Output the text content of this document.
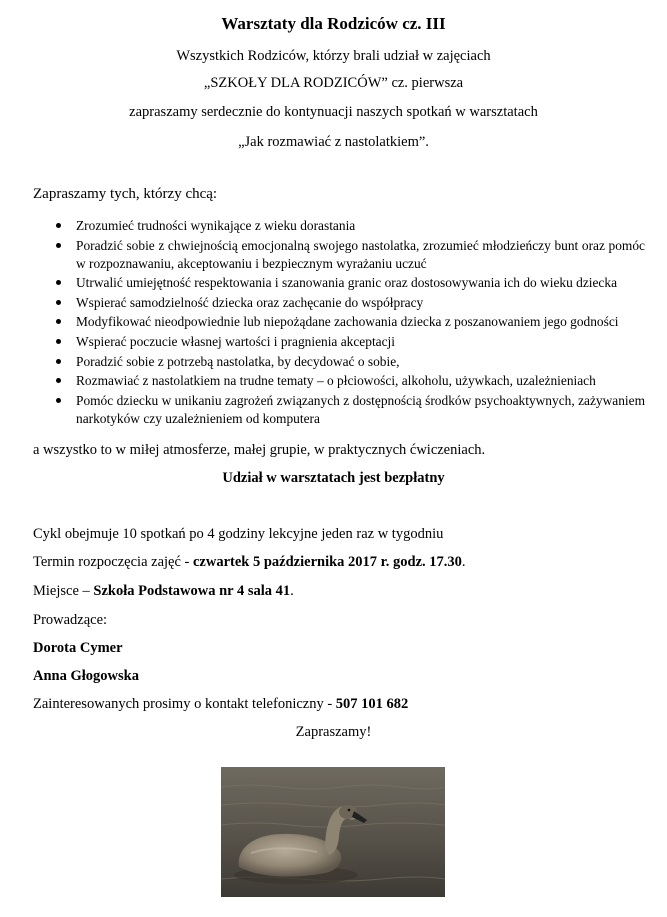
Warsztaty dla Rodziców cz. III
Wszystkich Rodziców, którzy brali udział w zajęciach
„SZKOŁY DLA RODZICÓW” cz. pierwsza
zapraszamy serdecznie do kontynuacji naszych spotkań w warsztatach
„Jak rozmawiać z nastolatkiem”.
Zapraszamy tych, którzy chcą:
Zrozumieć trudności wynikające z wieku dorastania
Poradzić sobie z chwiejnością emocjonalną swojego nastolatka, zrozumieć młodzieńczy bunt oraz pomóc w rozpoznawaniu, akceptowaniu i bezpiecznym wyrażaniu uczuć
Utrwalić umiejętność respektowania i szanowania granic oraz dostosowywania ich do wieku dziecka
Wspierać samodzielność dziecka oraz zachęcanie do współpracy
Modyfikować nieodpowiednie lub niepożądane zachowania dziecka z poszanowaniem jego godności
Wspierać poczucie własnej wartości i pragnienia akceptacji
Poradzić sobie z potrzebą nastolatka, by decydować o sobie,
Rozmawiać z nastolatkiem na trudne tematy – o płciowości, alkoholu, używkach, uzależnieniach
Pomóc dziecku w unikaniu zagrożeń związanych z dostępnością środków psychoaktywnych, zażywaniem narkotyków czy uzależnieniem od komputera
a wszystko to w miłej atmosferze, małej grupie, w praktycznych ćwiczeniach.
Udział w warsztatach jest bezpłatny
Cykl obejmuje 10 spotkań po 4 godziny lekcyjne jeden raz w tygodniu
Termin rozpoczęcia zajęć - czwartek 5 października 2017 r. godz. 17.30.
Miejsce – Szkoła Podstawowa nr 4 sala 41.
Prowadzące:
Dorota Cymer
Anna Głogowska
Zainteresowanych prosimy o kontakt telefoniczny - 507 101 682
Zapraszamy!
